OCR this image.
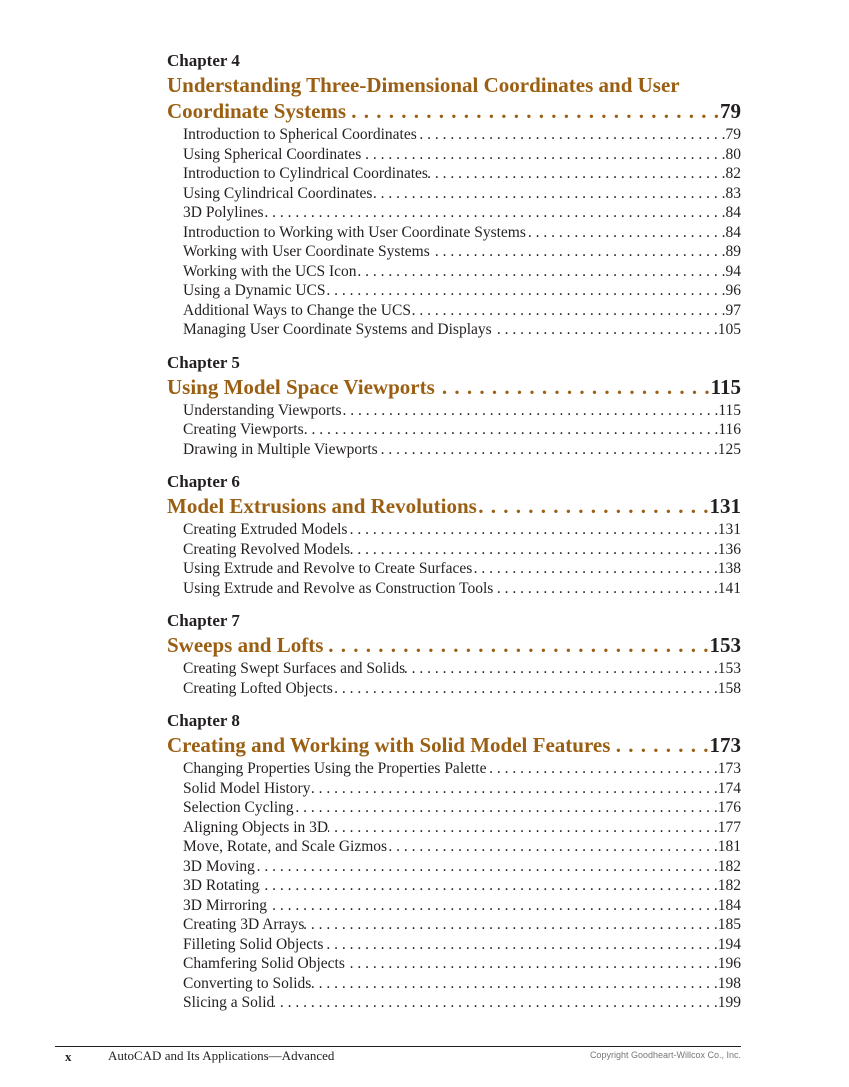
Chapter 4
Understanding Three-Dimensional Coordinates and User
Coordinate Systems . . .	79
Introduction to Spherical Coordinates . . .	79
Using Spherical Coordinates . . .	80
Introduction to Cylindrical Coordinates . . .	82
Using Cylindrical Coordinates . . .	83
3D Polylines . . .	84
Introduction to Working with User Coordinate Systems . . .	84
Working with User Coordinate Systems . . .	89
Working with the UCS Icon . . .	94
Using a Dynamic UCS . . .	96
Additional Ways to Change the UCS . . .	97
Managing User Coordinate Systems and Displays . . .	105
Chapter 5
Using Model Space Viewports . . .	115
Understanding Viewports . . .	115
Creating Viewports . . .	116
Drawing in Multiple Viewports . . .	125
Chapter 6
Model Extrusions and Revolutions . . .	131
Creating Extruded Models . . .	131
Creating Revolved Models . . .	136
Using Extrude and Revolve to Create Surfaces . . .	138
Using Extrude and Revolve as Construction Tools . . .	141
Chapter 7
Sweeps and Lofts . . .	153
Creating Swept Surfaces and Solids . . .	153
Creating Lofted Objects . . .	158
Chapter 8
Creating and Working with Solid Model Features . . .	173
Changing Properties Using the Properties Palette . . .	173
Solid Model History . . .	174
Selection Cycling . . .	176
Aligning Objects in 3D . . .	177
Move, Rotate, and Scale Gizmos . . .	181
3D Moving . . .	182
3D Rotating . . .	182
3D Mirroring . . .	184
Creating 3D Arrays . . .	185
Filleting Solid Objects . . .	194
Chamfering Solid Objects . . .	196
Converting to Solids . . .	198
Slicing a Solid . . .	199
x	AutoCAD and Its Applications—Advanced	Copyright Goodheart-Willcox Co., Inc.
